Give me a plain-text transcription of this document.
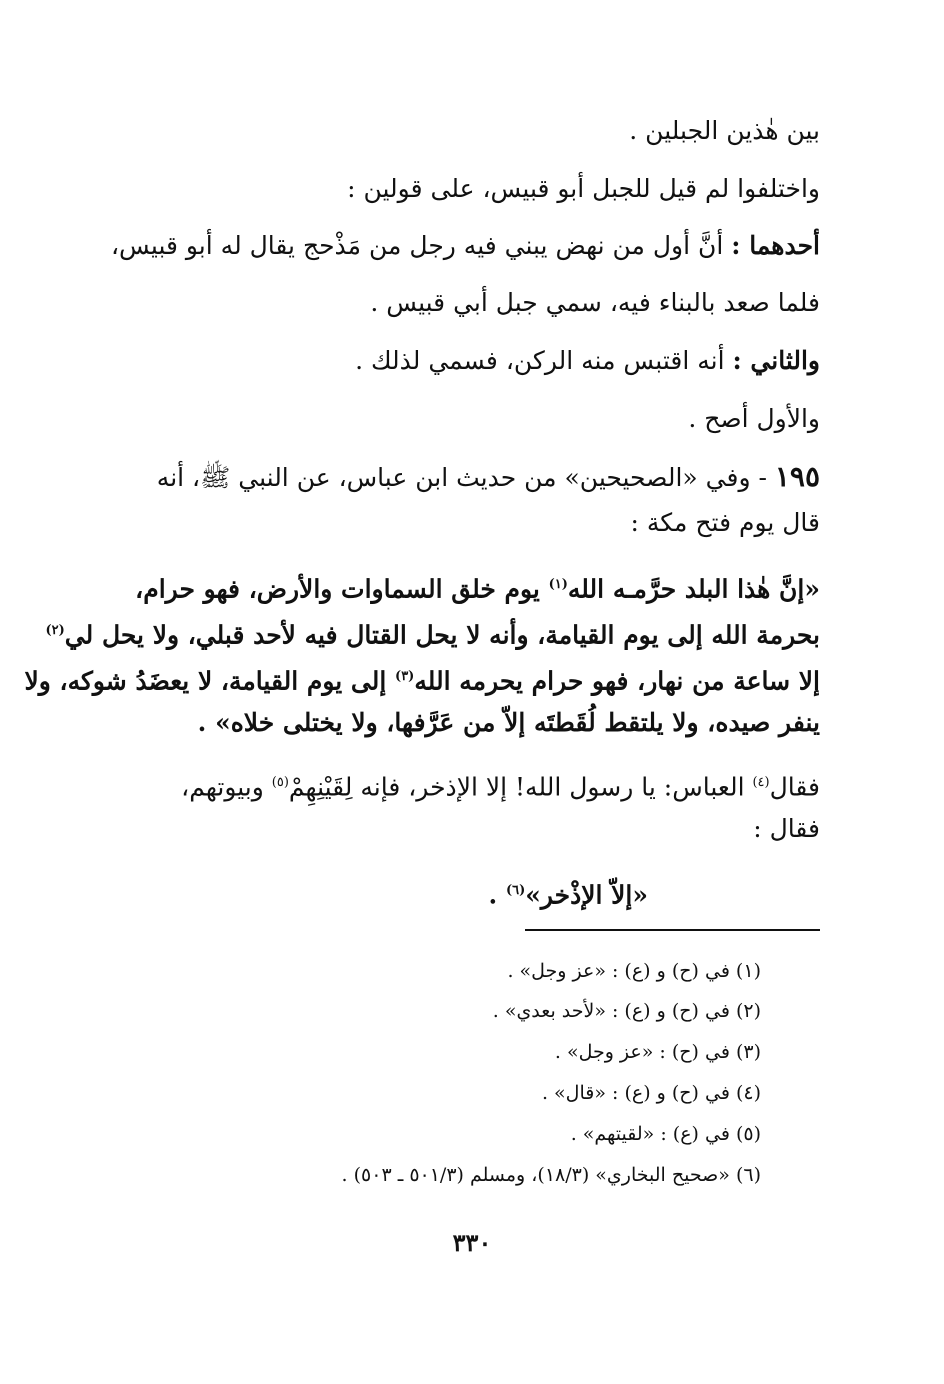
بين هٰذين الجبلين .
واختلفوا لم قيل للجبل أبو قبيس، على قولين :
أحدهما : أنَّ أول من نهض يبني فيه رجل من مَذْحج يقال له أبو قبيس،
فلما صعد بالبناء فيه، سمي جبل أبي قبيس .
والثاني : أنه اقتبس منه الركن، فسمي لذلك .
والأول أصح .
١٩٥ - وفي «الصحيحين» من حديث ابن عباس، عن النبي ﷺ، أنه
قال يوم فتح مكة :
«إنَّ هٰذا البلد حرَّمـه الله$^{(١)}$ يوم خلق السماوات والأرض، فهو حرام،
بحرمة الله إلى يوم القيامة، وأنه لا يحل القتال فيه لأحد قبلي، ولا يحل لي$^{(٢)}$
إلا ساعة من نهار، فهو حرام يحرمه الله$^{(٣)}$ إلى يوم القيامة، لا يعضَدُ شوكه، ولا
ينفر صيده، ولا يلتقط لُقَطتَه إلاّ من عَرَّفها، ولا يختلى خلاه» .
فقال$^{(٤)}$ العباس: يا رسول الله! إلا الإذخر، فإنه لِقَيْنِهِمْ$^{(٥)}$ وبيوتهم،
فقال :
«إلاّ الإذْخر»$^{(٦)}$ .
(١) في (ح) و (ع) : «عز وجل» .
(٢) في (ح) و (ع) : «لأحد بعدي» .
(٣) في (ح) : «عز وجل» .
(٤) في (ح) و (ع) : «قال» .
(٥) في (ع) : «لقيتهم» .
(٦) «صحيح البخاري» (١٨/٣)، ومسلم (٥٠١/٣ ـ ٥٠٣) .
٣٣٠
